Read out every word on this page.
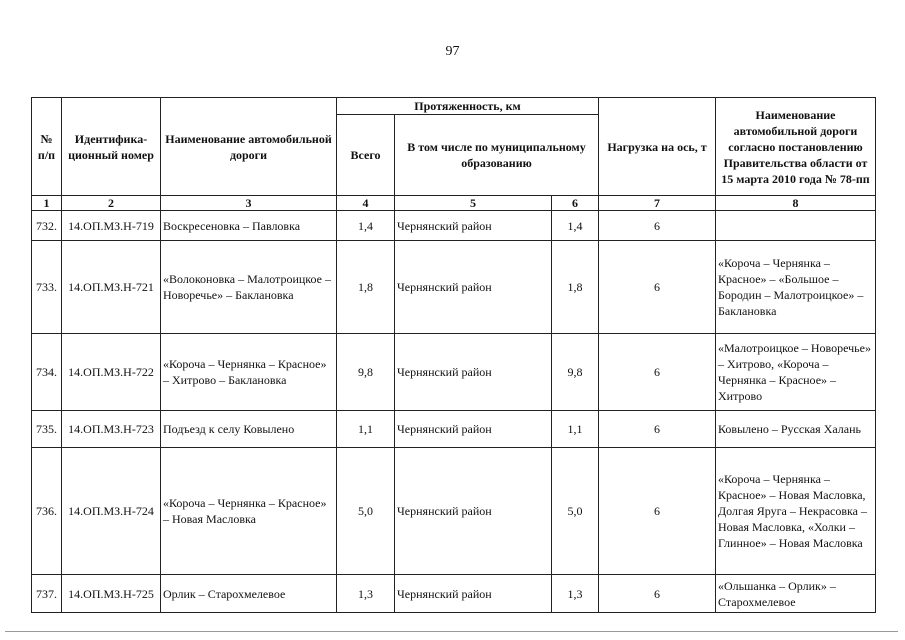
97
№ п/п	Идентифика-ционный номер	Наименование автомобильной дороги	Протяженность, км			Нагрузка на ось, т	Наименование автомобильной дороги согласно постановлению Правительства области от 15 марта 2010 года № 78-пп
			Всего	В том числе по муниципальному образованию			
1	2	3	4	5	6	7	8
732.	14.ОП.МЗ.Н-719	Воскресеновка – Павловка	1,4	Чернянский район	1,4	6	
733.	14.ОП.МЗ.Н-721	«Волоконовка – Малотроицкое – Новоречье» – Баклановка	1,8	Чернянский район	1,8	6	«Короча – Чернянка – Красное» – «Большое – Бородин – Малотроицкое» – Баклановка
734.	14.ОП.МЗ.Н-722	«Короча – Чернянка – Красное» – Хитрово – Баклановка	9,8	Чернянский район	9,8	6	«Малотроицкое – Новоречье» – Хитрово, «Короча – Чернянка – Красное» – Хитрово
735.	14.ОП.МЗ.Н-723	Подъезд к селу Ковылено	1,1	Чернянский район	1,1	6	Ковылено – Русская Халань
736.	14.ОП.МЗ.Н-724	«Короча – Чернянка – Красное» – Новая Масловка	5,0	Чернянский район	5,0	6	«Короча – Чернянка – Красное» – Новая Масловка, Долгая Яруга – Некрасовка – Новая Масловка, «Холки – Глинное» – Новая Масловка
737.	14.ОП.МЗ.Н-725	Орлик – Старохмелевое	1,3	Чернянский район	1,3	6	«Ольшанка – Орлик» – Старохмелевое
